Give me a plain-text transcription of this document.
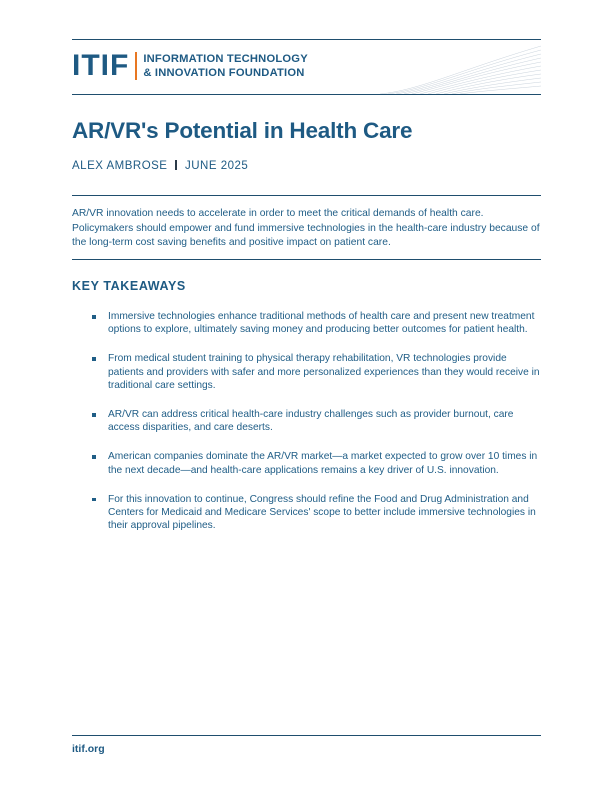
ITIF INFORMATION TECHNOLOGY
& INNOVATION FOUNDATION
AR/VR's Potential in Health Care
ALEX AMBROSE JUNE 2025

AR/VR innovation needs to accelerate in order to meet the critical demands of health care. Policymakers should empower and fund immersive technologies in the health-care industry because of the long-term cost saving benefits and positive impact on patient care.

KEY TAKEAWAYS
Immersive technologies enhance traditional methods of health care and present new treatment options to explore, ultimately saving money and producing better outcomes for patient health.
From medical student training to physical therapy rehabilitation, VR technologies provide patients and providers with safer and more personalized experiences than they would receive in traditional care settings.
AR/VR can address critical health-care industry challenges such as provider burnout, care access disparities, and care deserts.
American companies dominate the AR/VR market—a market expected to grow over 10 times in the next decade—and health-care applications remains a key driver of U.S. innovation.
For this innovation to continue, Congress should refine the Food and Drug Administration and Centers for Medicaid and Medicare Services' scope to better include immersive technologies in their approval pipelines.
itif.org
